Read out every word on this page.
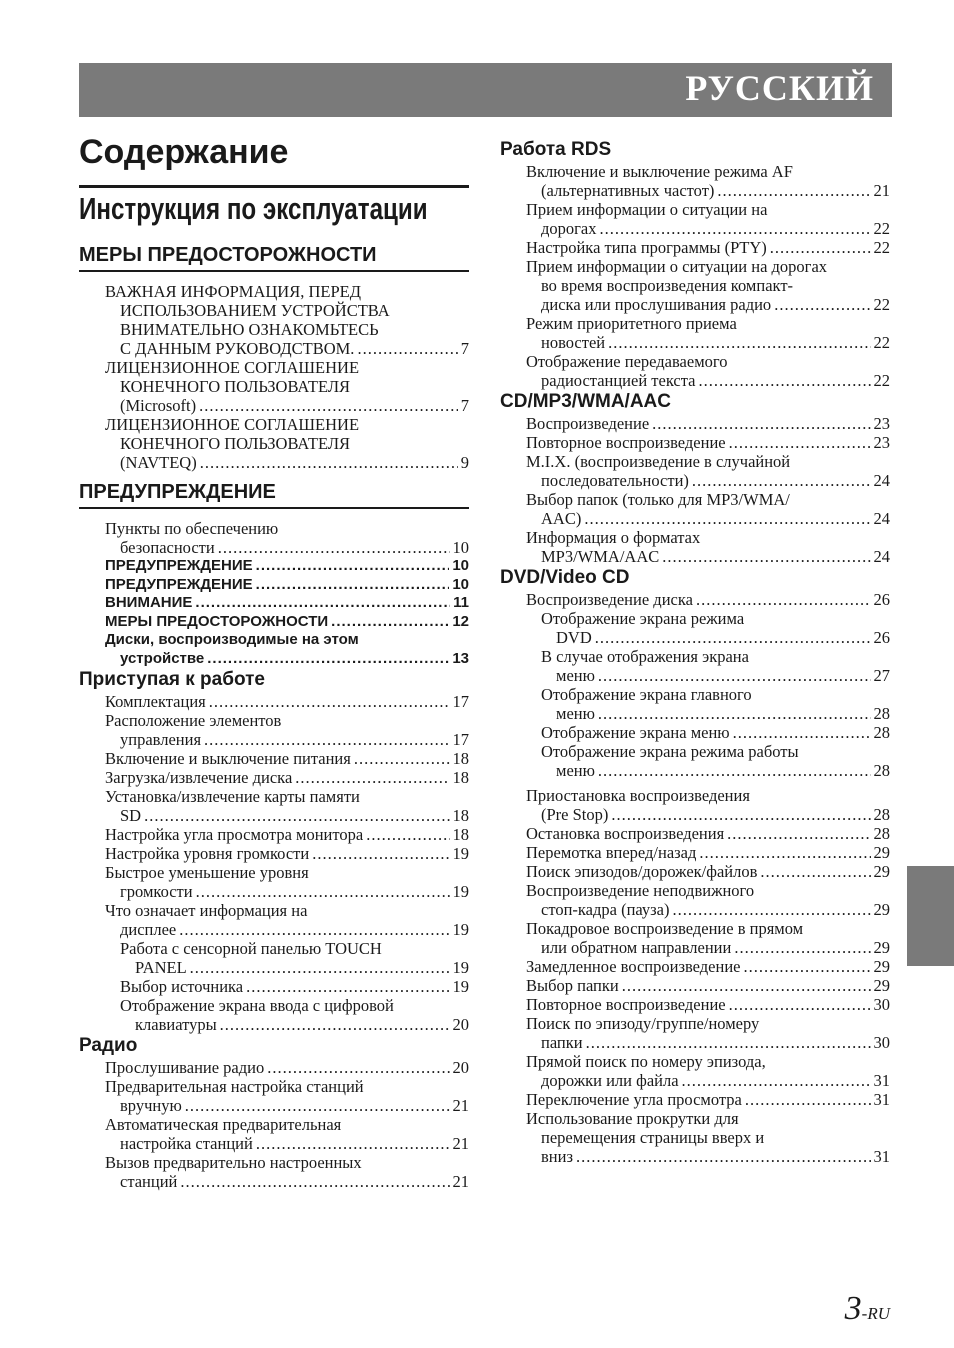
РУССКИЙ
Содержание
Инструкция по эксплуатации
МЕРЫ ПРЕДОСТОРОЖНОСТИ
ВАЖНАЯ ИНФОРМАЦИЯ, ПЕРЕД
ИСПОЛЬЗОВАНИЕМ УСТРОЙСТВА
ВНИМАТЕЛЬНО ОЗНАКОМЬТЕСЬ
С ДАННЫМ РУКОВОДСТВОМ. .....	7
ЛИЦЕНЗИОННОЕ СОГЛАШЕНИЕ
КОНЕЧНОГО ПОЛЬЗОВАТЕЛЯ
(Microsoft) .....	7
ЛИЦЕНЗИОННОЕ СОГЛАШЕНИЕ
КОНЕЧНОГО ПОЛЬЗОВАТЕЛЯ
(NAVTEQ) .....	9
ПРЕДУПРЕЖДЕНИЕ
Пункты по обеспечению
безопасности .....	10
ПРЕДУПРЕЖДЕНИЕ .....	10
ПРЕДУПРЕЖДЕНИЕ .....	10
ВНИМАНИЕ .....	11
МЕРЫ ПРЕДОСТОРОЖНОСТИ .....	12
Диски, воспроизводимые на этом
устройстве .....	13
Приступая к работе
Комплектация .....	17
Расположение элементов
управления .....	17
Включение и выключение питания .....	18
Загрузка/извлечение диска .....	18
Установка/извлечение карты памяти
SD .....	18
Настройка угла просмотра монитора .....	18
Настройка уровня громкости .....	19
Быстрое уменьшение уровня
громкости .....	19
Что означает информация на
дисплее .....	19
Работа с сенсорной панелью TOUCH
PANEL .....	19
Выбор источника .....	19
Отображение экрана ввода с цифровой
клавиатуры .....	20
Радио
Прослушивание радио .....	20
Предварительная настройка станций
вручную .....	21
Автоматическая предварительная
настройка станций .....	21
Вызов предварительно настроенных
станций .....	21
Работа RDS
Включение и выключение режима AF
(альтернативных частот) .....	21
Прием информации о ситуации на
дорогах .....	22
Настройка типа программы (PTY) .....	22
Прием информации о ситуации на дорогах
во время воспроизведения компакт-
диска или прослушивания радио .....	22
Режим приоритетного приема
новостей .....	22
Отображение передаваемого
радиостанцией текста .....	22
CD/MP3/WMA/AAC
Воспроизведение .....	23
Повторное воспроизведение .....	23
M.I.X. (воспроизведение в случайной
последовательности) .....	24
Выбор папок (только для MP3/WMA/
AAC) .....	24
Информация о форматах
MP3/WMA/AAC .....	24
DVD/Video CD
Воспроизведение диска .....	26
Отображение экрана режима
DVD .....	26
В случае отображения экрана
меню .....	27
Отображение экрана главного
меню .....	28
Отображение экрана меню .....	28
Отображение экрана режима работы
меню .....	28
Приостановка воспроизведения
(Pre Stop) .....	28
Остановка воспроизведения .....	28
Перемотка вперед/назад .....	29
Поиск эпизодов/дорожек/файлов .....	29
Воспроизведение неподвижного
стоп-кадра (пауза) .....	29
Покадровое воспроизведение в прямом
или обратном направлении .....	29
Замедленное воспроизведение .....	29
Выбор папки .....	29
Повторное воспроизведение .....	30
Поиск по эпизоду/группе/номеру
папки .....	30
Прямой поиск по номеру эпизода,
дорожки или файла .....	31
Переключение угла просмотра .....	31
Использование прокрутки для
перемещения страницы вверх и
вниз .....	31
3-RU
